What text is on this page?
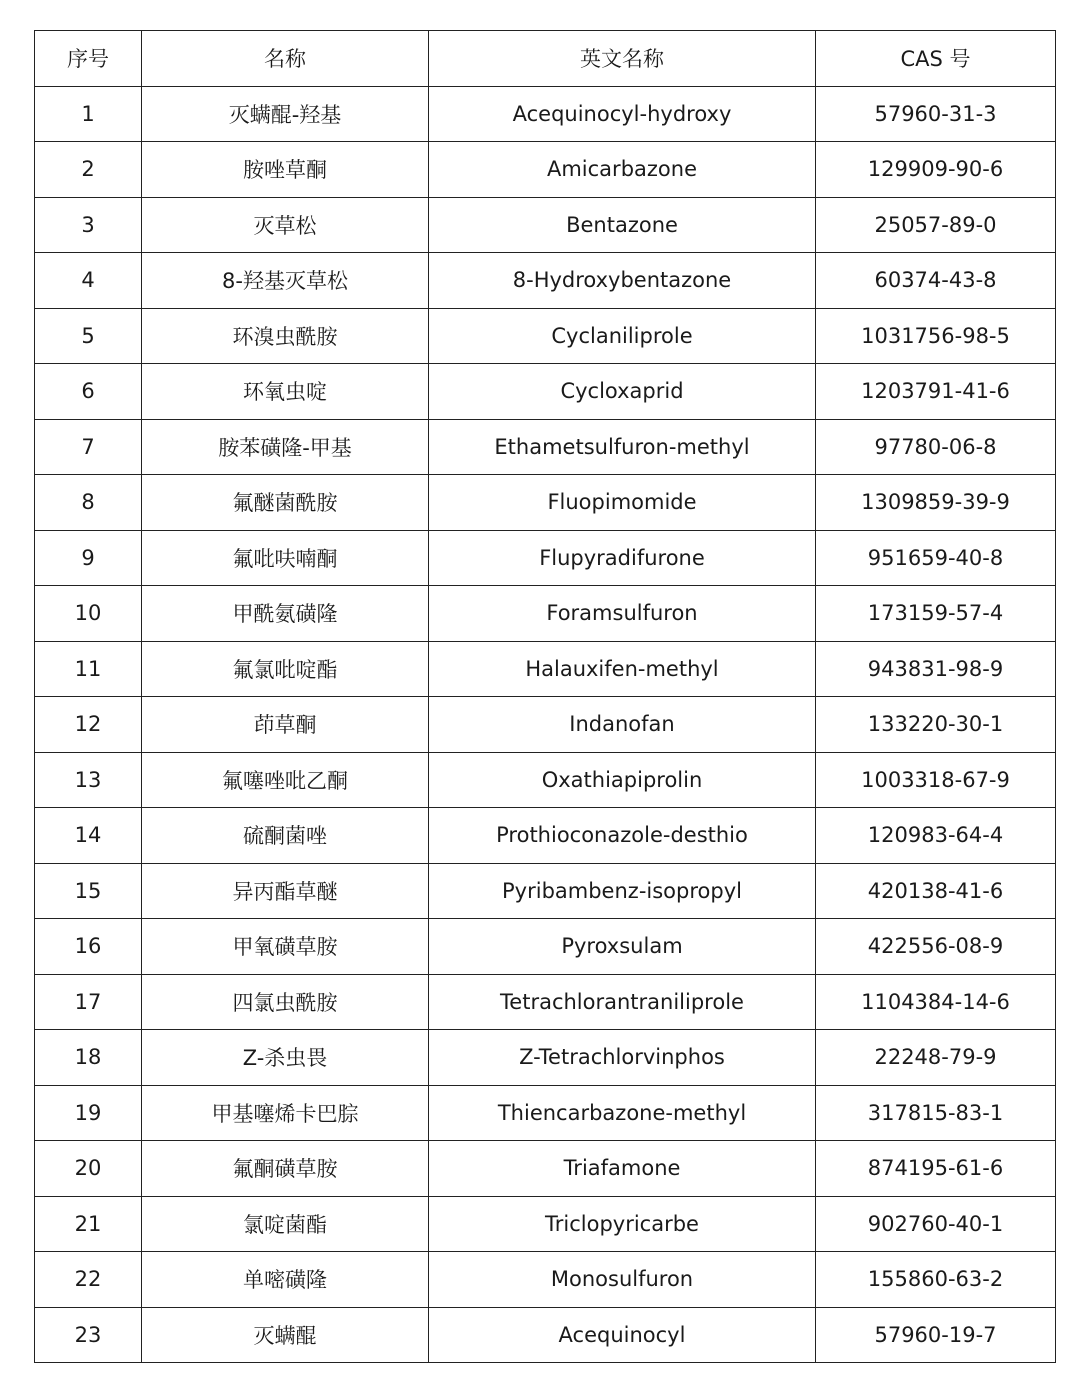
序号	名称	英文名称	CAS 号
1	灭螨醌-羟基	Acequinocyl-hydroxy	57960-31-3
2	胺唑草酮	Amicarbazone	129909-90-6
3	灭草松	Bentazone	25057-89-0
4	8-羟基灭草松	8-Hydroxybentazone	60374-43-8
5	环溴虫酰胺	Cyclaniliprole	1031756-98-5
6	环氧虫啶	Cycloxaprid	1203791-41-6
7	胺苯磺隆-甲基	Ethametsulfuron-methyl	97780-06-8
8	氟醚菌酰胺	Fluopimomide	1309859-39-9
9	氟吡呋喃酮	Flupyradifurone	951659-40-8
10	甲酰氨磺隆	Foramsulfuron	173159-57-4
11	氟氯吡啶酯	Halauxifen-methyl	943831-98-9
12	茚草酮	Indanofan	133220-30-1
13	氟噻唑吡乙酮	Oxathiapiprolin	1003318-67-9
14	硫酮菌唑	Prothioconazole-desthio	120983-64-4
15	异丙酯草醚	Pyribambenz-isopropyl	420138-41-6
16	甲氧磺草胺	Pyroxsulam	422556-08-9
17	四氯虫酰胺	Tetrachlorantraniliprole	1104384-14-6
18	Z-杀虫畏	Z-Tetrachlorvinphos	22248-79-9
19	甲基噻烯卡巴腙	Thiencarbazone-methyl	317815-83-1
20	氟酮磺草胺	Triafamone	874195-61-6
21	氯啶菌酯	Triclopyricarbe	902760-40-1
22	单嘧磺隆	Monosulfuron	155860-63-2
23	灭螨醌	Acequinocyl	57960-19-7
